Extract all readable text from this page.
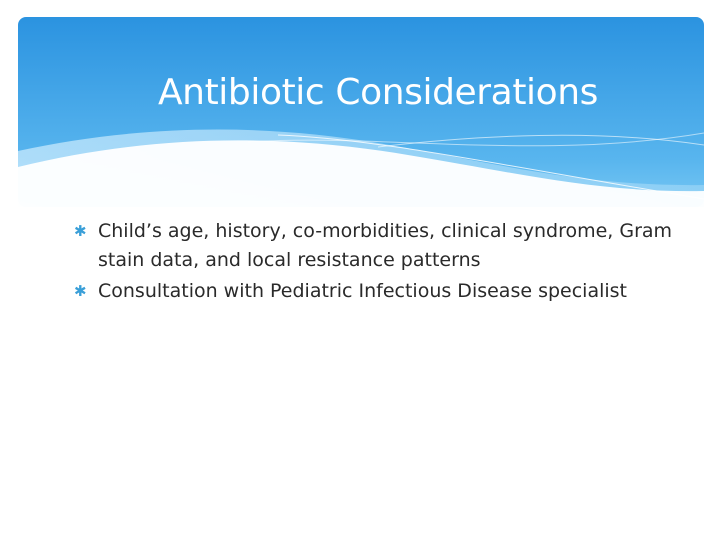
Antibiotic Considerations
✱ Child’s age, history, co-morbidities, clinical syndrome, Gram stain data, and local resistance patterns
✱ Consultation with Pediatric Infectious Disease specialist
